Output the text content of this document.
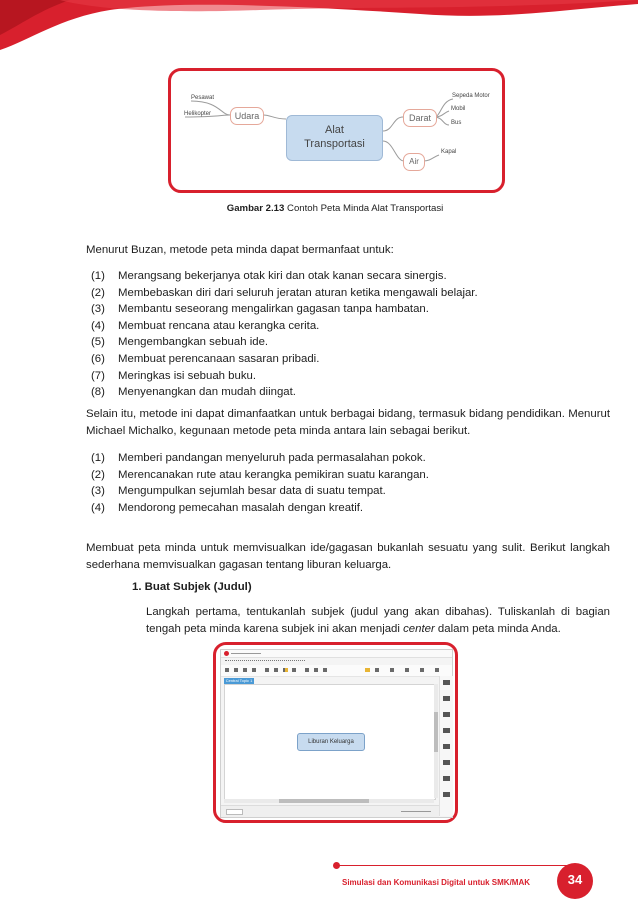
Alat
Transportasi
Udara	Darat
Air
Pesawat
Helikopter
Sepeda Motor
Mobil
Bus
Kapal
Gambar 2.13 Contoh Peta Minda Alat Transportasi
Menurut Buzan, metode peta minda dapat bermanfaat untuk:
(1) Merangsang bekerjanya otak kiri dan otak kanan secara sinergis.
(2) Membebaskan diri dari seluruh jeratan aturan ketika mengawali belajar.
(3) Membantu seseorang mengalirkan gagasan tanpa hambatan.
(4) Membuat rencana atau kerangka cerita.
(5) Mengembangkan sebuah ide.
(6) Membuat perencanaan sasaran pribadi.
(7) Meringkas isi sebuah buku.
(8) Menyenangkan dan mudah diingat.
Selain itu, metode ini dapat dimanfaatkan untuk berbagai bidang, termasuk bidang pendidikan. Menurut Michael Michalko, kegunaan metode peta minda antara lain sebagai berikut.
(1) Memberi pandangan menyeluruh pada permasalahan pokok.
(2) Merencanakan rute atau kerangka pemikiran suatu karangan.
(3) Mengumpulkan sejumlah besar data di suatu tempat.
(4) Mendorong pemecahan masalah dengan kreatif.
Membuat peta minda untuk memvisualkan ide/gagasan bukanlah sesuatu yang sulit. Berikut langkah sederhana memvisualkan gagasan tentang liburan keluarga.
1. Buat Subjek (Judul)
Langkah pertama, tentukanlah subjek (judul yang akan dibahas). Tuliskanlah di bagian tengah peta minda karena subjek ini akan menjadi center dalam peta minda Anda.
Central Topic 1
Liburan Keluarga
Simulasi dan Komunikasi Digital untuk SMK/MAK	34
